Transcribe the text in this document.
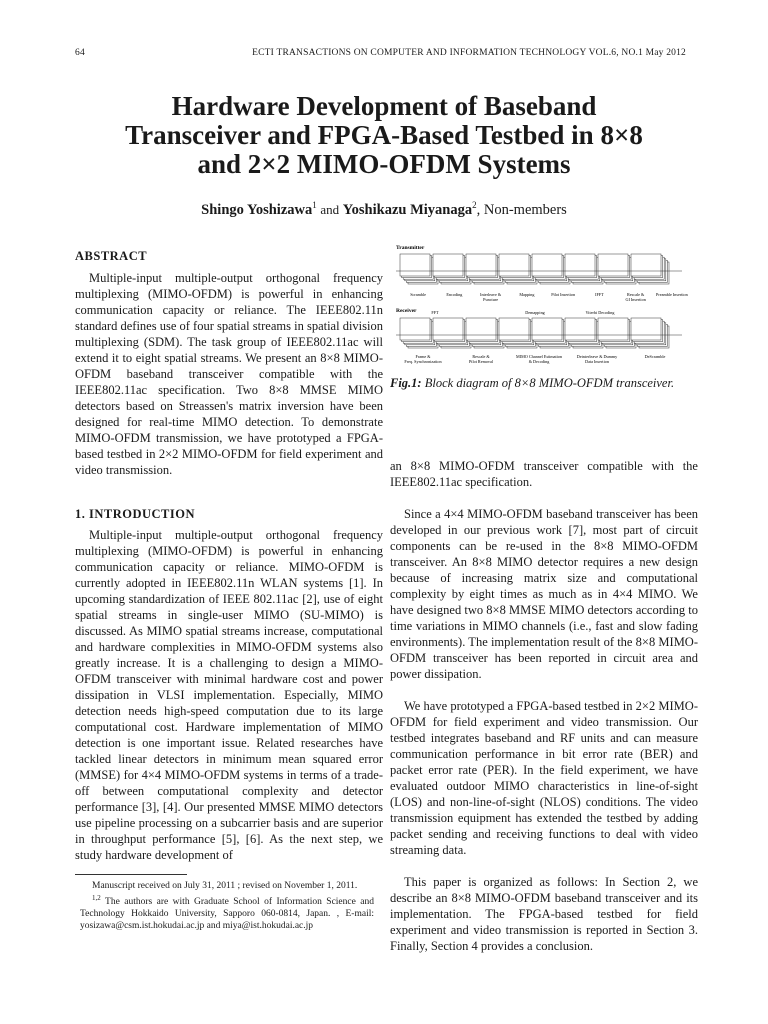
64	ECTI TRANSACTIONS ON COMPUTER AND INFORMATION TECHNOLOGY VOL.6, NO.1 May 2012
Hardware Development of Baseband
Transceiver and FPGA-Based Testbed in 8×8
and 2×2 MIMO-OFDM Systems
Shingo Yoshizawa$^1$ and Yoshikazu Miyanaga$^2$, Non-members
ABSTRACT

Multiple-input multiple-output orthogonal frequency multiplexing (MIMO-OFDM) is powerful in enhancing communication capacity or reliance. The IEEE802.11n standard defines use of four spatial streams in spatial division multiplexing (SDM). The task group of IEEE802.11ac will extend it to eight spatial streams. We present an 8×8 MIMO-OFDM baseband transceiver compatible with the IEEE802.11ac specification. Two 8×8 MMSE MIMO detectors based on Streassen's matrix inversion have been designed for real-time MIMO detection. To demonstrate MIMO-OFDM transmission, we have prototyped a FPGA-based testbed in 2×2 MIMO-OFDM for field experiment and video transmission.

1. INTRODUCTION

Multiple-input multiple-output orthogonal frequency multiplexing (MIMO-OFDM) is powerful in enhancing communication capacity or reliance. MIMO-OFDM is currently adopted in IEEE802.11n WLAN systems [1]. In upcoming standardization of IEEE 802.11ac [2], use of eight spatial streams in single-user MIMO (SU-MIMO) is discussed. As MIMO spatial streams increase, computational and hardware complexities in MIMO-OFDM systems also greatly increase. It is a challenging to design a MIMO-OFDM transceiver with minimal hardware cost and power dissipation in VLSI implementation. Especially, MIMO detection needs high-speed computation due to its large computational cost. Hardware implementation of MIMO detection is one important issue. Related researches have tackled linear detectors in minimum mean squared error (MMSE) for 4×4 MIMO-OFDM systems in terms of a trade-off between computational complexity and detector performance [3], [4]. Our presented MMSE MIMO detectors use pipeline processing on a subcarrier basis and are superior in throughput performance [5], [6]. As the next step, we study hardware development of

Manuscript received on July 31, 2011 ; revised on November 1, 2011.

$^{1,2}$ The authors are with Graduate School of Information Science and Technology Hokkaido University, Sapporo 060-0814, Japan. , E-mail: yosizawa@csm.ist.hokudai.ac.jp and miya@ist.hokudai.ac.jp

Transmitter
Scramble	Encoding	Interleave & Puncture
Mapping	Pilot Insertion	IFFT	Rescale & GI Insertion
Preamble Insertion
Receiver	FFT	Demapping	Viterbi Decoding
Frame & Freq. Synchronization
Rescale & Pilot Removal
MIMO Channel Estimation & Decoding
Deinterleave & Dummy Data Insertion
DeScramble
Fig.1: Block diagram of 8×8 MIMO-OFDM transceiver.

an 8×8 MIMO-OFDM transceiver compatible with the IEEE802.11ac specification.

Since a 4×4 MIMO-OFDM baseband transceiver has been developed in our previous work [7], most part of circuit components can be re-used in the 8×8 MIMO-OFDM transceiver. An 8×8 MIMO detector requires a new design because of increasing matrix size and computational complexity by eight times as much as in 4×4 MIMO. We have designed two 8×8 MMSE MIMO detectors according to time variations in MIMO channels (i.e., fast and slow fading environments). The implementation result of the 8×8 MIMO-OFDM transceiver has been reported in circuit area and power dissipation.

We have prototyped a FPGA-based testbed in 2×2 MIMO-OFDM for field experiment and video transmission. Our testbed integrates baseband and RF units and can measure communication performance in bit error rate (BER) and packet error rate (PER). In the field experiment, we have evaluated outdoor MIMO characteristics in line-of-sight (LOS) and non-line-of-sight (NLOS) conditions. The video transmission equipment has extended the testbed by adding packet sending and receiving functions to deal with video streaming data.

This paper is organized as follows: In Section 2, we describe an 8×8 MIMO-OFDM baseband transceiver and its implementation. The FPGA-based testbed for field experiment and video transmission is reported in Section 3. Finally, Section 4 provides a conclusion.
